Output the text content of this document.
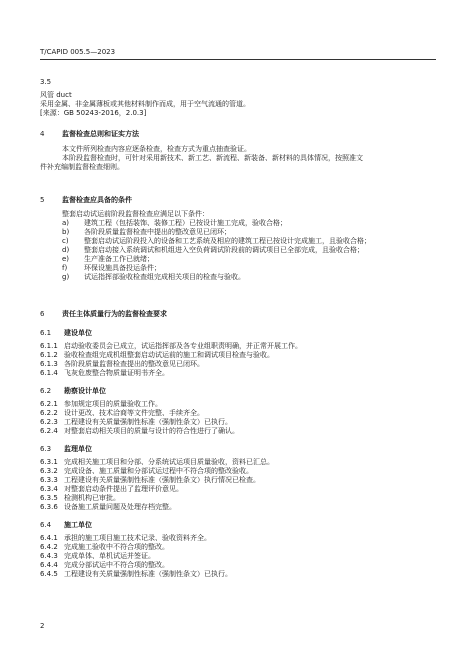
T/CAPID 005.5—2023
3.5
风管 duct
采用金属、非金属薄板或其他材料制作而成，用于空气流通的管道。
[来源：GB 50243-2016，2.0.3]
4	监督检查总则和证实方法
本文件所列检查内容应逐条检查，检查方式为重点抽查验证。
本阶段监督检查时，可针对采用新技术、新工艺、新流程、新装备、新材料的具体情况，按照准文
件补充编制监督检查细则。
5	监督检查应具备的条件
整套启动试运前阶段监督检查应满足以下条件：
a) 建筑工程（包括装饰、装修工程）已按设计施工完成，验收合格；
b) 各阶段质量监督检查中提出的整改意见已闭环；
c) 整套启动试运阶段投入的设备和工艺系统及相应的建筑工程已按设计完成施工，且验收合格；
d) 整套启动接入系统调试和机组进入空负荷调试阶段前的调试项目已全部完成，且验收合格；
e) 生产准备工作已就绪；
f) 环保设施具备投运条件；
g) 试运指挥部验收检查组完成相关项目的检查与验收。
6	责任主体质量行为的监督检查要求
6.1 建设单位
6.1.1 启动验收委员会已成立，试运指挥部及各专业组职责明确，并正常开展工作。
6.1.2 验收检查组完成机组整套启动试运前的施工和调试项目检查与验收。
6.1.3 各阶段质量监督检查提出的整改意见已闭环。
6.1.4 飞灰危废整合物质量证明书齐全。
6.2 勘察设计单位
6.2.1 参加规定项目的质量验收工作。
6.2.2 设计更改、技术洽商等文件完整、手续齐全。
6.2.3 工程建设有关质量强制性标准（强制性条文）已执行。
6.2.4 对整套启动相关项目的质量与设计的符合性进行了确认。
6.3 监理单位
6.3.1 完成相关施工项目和分部、分系统试运项目质量验收，资料已汇总。
6.3.2 完成设备、施工质量和分部试运过程中不符合项的整改验收。
6.3.3 工程建设有关质量强制性标准（强制性条文）执行情况已检查。
6.3.4 对整套启动条件提出了监理评价意见。
6.3.5 检测机构已审批。
6.3.6 设备施工质量问题及处理存档完整。
6.4 施工单位
6.4.1 承担的施工项目施工技术记录、验收资料齐全。
6.4.2 完成施工验收中不符合项的整改。
6.4.3 完成单体、单机试运并签证。
6.4.4 完成分部试运中不符合项的整改。
6.4.5 工程建设有关质量强制性标准（强制性条文）已执行。
2
